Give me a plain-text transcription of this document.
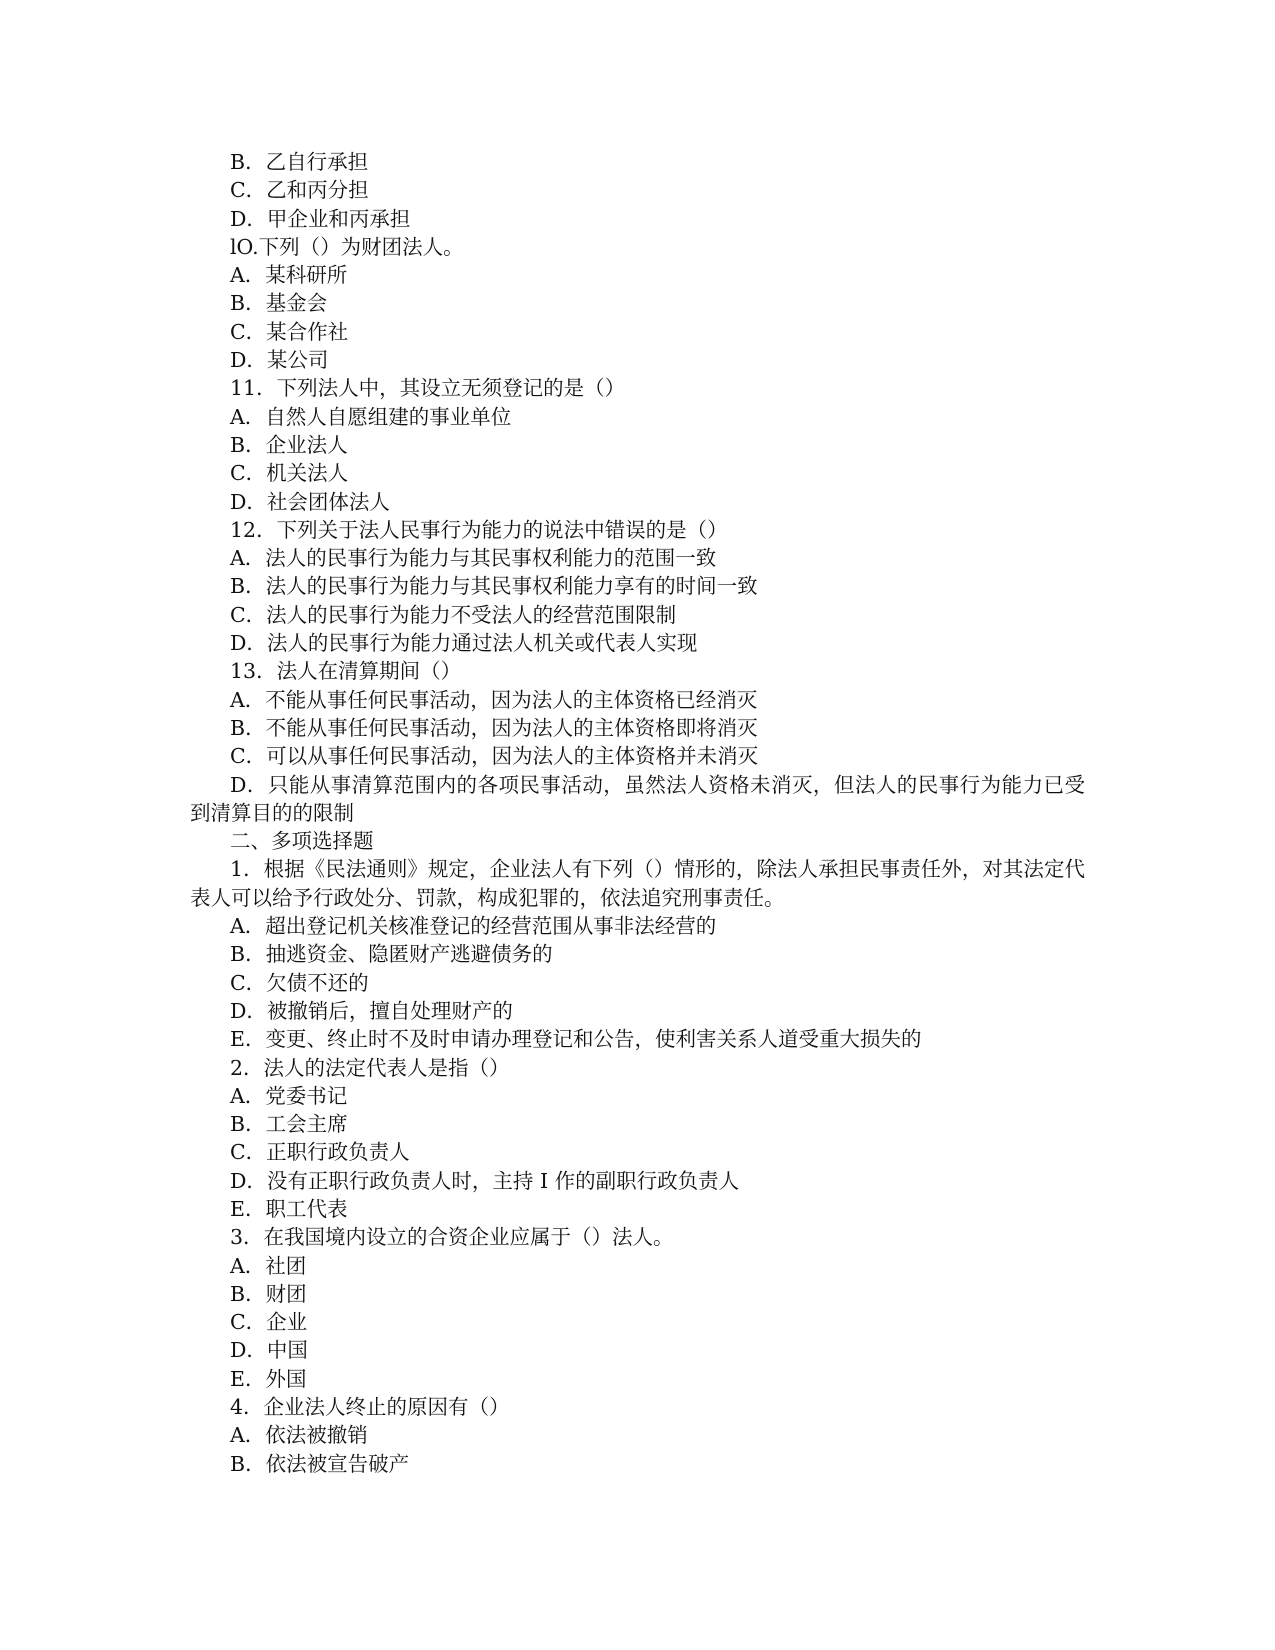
B．乙自行承担

C．乙和丙分担

D．甲企业和丙承担

lO.下列（）为财团法人。

A．某科研所

B．基金会

C．某合作社

D．某公司

11．下列法人中，其设立无须登记的是（）

A．自然人自愿组建的事业单位

B．企业法人

C．机关法人

D．社会团体法人

12．下列关于法人民事行为能力的说法中错误的是（）

A．法人的民事行为能力与其民事权利能力的范围一致

B．法人的民事行为能力与其民事权利能力享有的时间一致

C．法人的民事行为能力不受法人的经营范围限制

D．法人的民事行为能力通过法人机关或代表人实现

13．法人在清算期间（）

A．不能从事任何民事活动，因为法人的主体资格已经消灭

B．不能从事任何民事活动，因为法人的主体资格即将消灭

C．可以从事任何民事活动，因为法人的主体资格并未消灭

D．只能从事清算范围内的各项民事活动，虽然法人资格未消灭，但法人的民事行为能力已受到清算目的的限制

二、多项选择题

1．根据《民法通则》规定，企业法人有下列（）情形的，除法人承担民事责任外，对其法定代表人可以给予行政处分、罚款，构成犯罪的，依法追究刑事责任。

A．超出登记机关核准登记的经营范围从事非法经营的

B．抽逃资金、隐匿财产逃避债务的

C．欠债不还的

D．被撤销后，擅自处理财产的

E．变更、终止时不及时申请办理登记和公告，使利害关系人道受重大损失的

2．法人的法定代表人是指（）

A．党委书记

B．工会主席

C．正职行政负责人

D．没有正职行政负责人时，主持 I 作的副职行政负责人

E．职工代表

3．在我国境内设立的合资企业应属于（）法人。

A．社团

B．财团

C．企业

D．中国

E．外国

4．企业法人终止的原因有（）

A．依法被撤销

B．依法被宣告破产
